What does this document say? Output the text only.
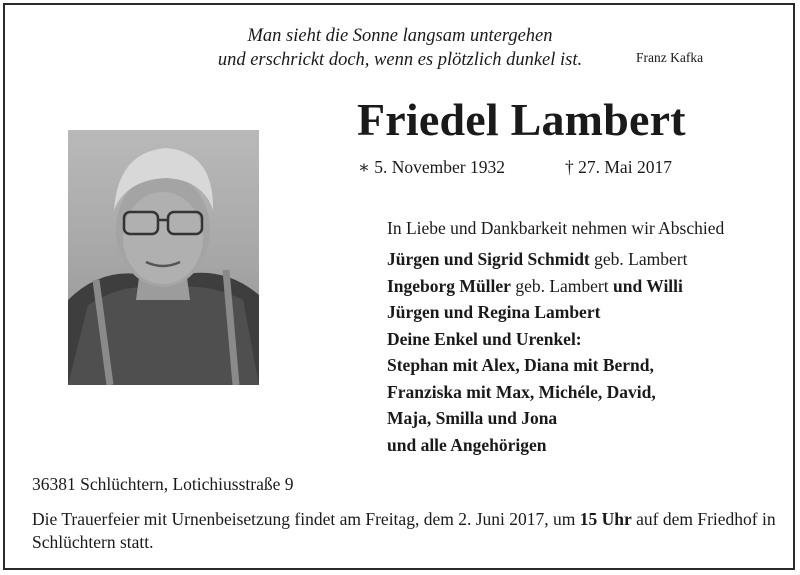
Man sieht die Sonne langsam untergehen
und erschrickt doch, wenn es plötzlich dunkel ist.	Franz Kafka
Friedel Lambert
∗ 5. November 1932	† 27. Mai 2017
In Liebe und Dankbarkeit nehmen wir Abschied
Jürgen und Sigrid Schmidt geb. Lambert
Ingeborg Müller geb. Lambert und Willi
Jürgen und Regina Lambert
Deine Enkel und Urenkel:
Stephan mit Alex, Diana mit Bernd,
Franziska mit Max, Michéle, David,
Maja, Smilla und Jona
und alle Angehörigen
36381 Schlüchtern, Lotichiusstraße 9
Die Trauerfeier mit Urnenbeisetzung findet am Freitag, dem 2. Juni 2017, um 15 Uhr auf dem Friedhof in Schlüchtern statt.
